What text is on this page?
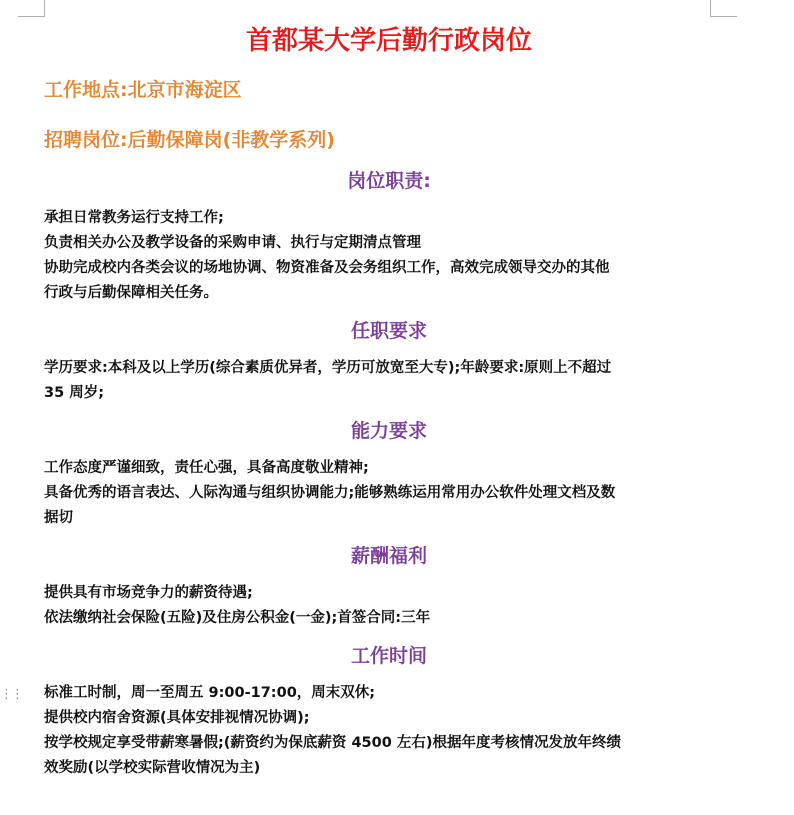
⋮⋮
首都某大学后勤行政岗位

工作地点:北京市海淀区

招聘岗位:后勤保障岗(非教学系列)

岗位职责:

承担日常教务运行支持工作;

负责相关办公及教学设备的采购申请、执行与定期清点管理

协助完成校内各类会议的场地协调、物资准备及会务组织工作，高效完成领导交办的其他

行政与后勤保障相关任务。

任职要求

学历要求:本科及以上学历(综合素质优异者，学历可放宽至大专);年龄要求:原则上不超过

35 周岁;

能力要求

工作态度严谨细致，责任心强，具备高度敬业精神;

具备优秀的语言表达、人际沟通与组织协调能力;能够熟练运用常用办公软件处理文档及数

据切

薪酬福利

提供具有市场竞争力的薪资待遇;

依法缴纳社会保险(五险)及住房公积金(一金);首签合同:三年

工作时间

标准工时制，周一至周五 9:00-17:00，周末双休;

提供校内宿舍资源(具体安排视情况协调);

按学校规定享受带薪寒暑假;(薪资约为保底薪资 4500 左右)根据年度考核情况发放年终绩

效奖励(以学校实际营收情况为主)
